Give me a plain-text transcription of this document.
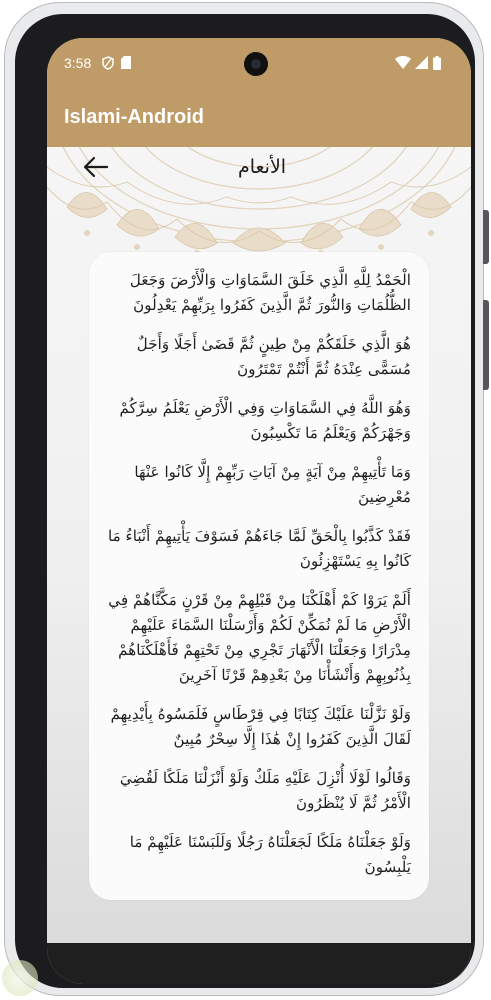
3:58
Islami-Android
الأنعام
الْحَمْدُ لِلَّهِ الَّذِي خَلَقَ السَّمَاوَاتِ وَالْأَرْضَ وَجَعَلَ الظُّلُمَاتِ وَالنُّورَ ثُمَّ الَّذِينَ كَفَرُوا بِرَبِّهِمْ يَعْدِلُونَ
هُوَ الَّذِي خَلَقَكُمْ مِنْ طِينٍ ثُمَّ قَضَىٰ أَجَلًا وَأَجَلٌ مُسَمًّى عِنْدَهُ ثُمَّ أَنْتُمْ تَمْتَرُونَ
وَهُوَ اللَّهُ فِي السَّمَاوَاتِ وَفِي الْأَرْضِ يَعْلَمُ سِرَّكُمْ وَجَهْرَكُمْ وَيَعْلَمُ مَا تَكْسِبُونَ
وَمَا تَأْتِيهِمْ مِنْ آيَةٍ مِنْ آيَاتِ رَبِّهِمْ إِلَّا كَانُوا عَنْهَا مُعْرِضِينَ
فَقَدْ كَذَّبُوا بِالْحَقِّ لَمَّا جَاءَهُمْ فَسَوْفَ يَأْتِيهِمْ أَنْبَاءُ مَا كَانُوا بِهِ يَسْتَهْزِئُونَ
أَلَمْ يَرَوْا كَمْ أَهْلَكْنَا مِنْ قَبْلِهِمْ مِنْ قَرْنٍ مَكَّنَّاهُمْ فِي الْأَرْضِ مَا لَمْ نُمَكِّنْ لَكُمْ وَأَرْسَلْنَا السَّمَاءَ عَلَيْهِمْ مِدْرَارًا وَجَعَلْنَا الْأَنْهَارَ تَجْرِي مِنْ تَحْتِهِمْ فَأَهْلَكْنَاهُمْ بِذُنُوبِهِمْ وَأَنْشَأْنَا مِنْ بَعْدِهِمْ قَرْنًا آخَرِينَ
وَلَوْ نَزَّلْنَا عَلَيْكَ كِتَابًا فِي قِرْطَاسٍ فَلَمَسُوهُ بِأَيْدِيهِمْ لَقَالَ الَّذِينَ كَفَرُوا إِنْ هَٰذَا إِلَّا سِحْرٌ مُبِينٌ
وَقَالُوا لَوْلَا أُنْزِلَ عَلَيْهِ مَلَكٌ وَلَوْ أَنْزَلْنَا مَلَكًا لَقُضِيَ الْأَمْرُ ثُمَّ لَا يُنْظَرُونَ
وَلَوْ جَعَلْنَاهُ مَلَكًا لَجَعَلْنَاهُ رَجُلًا وَلَلَبَسْنَا عَلَيْهِمْ مَا يَلْبِسُونَ
